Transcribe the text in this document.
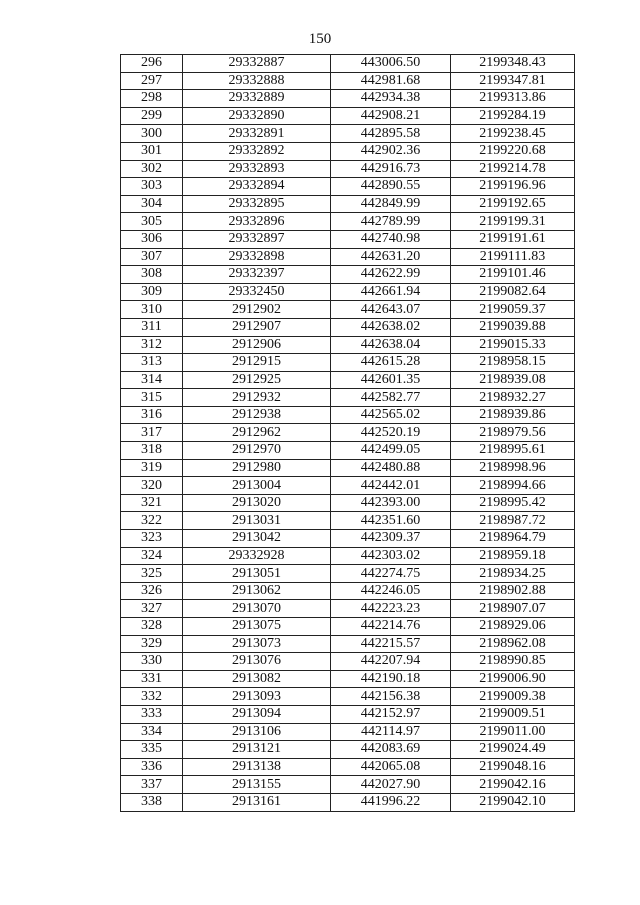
150
296	29332887	443006.50	2199348.43
297	29332888	442981.68	2199347.81
298	29332889	442934.38	2199313.86
299	29332890	442908.21	2199284.19
300	29332891	442895.58	2199238.45
301	29332892	442902.36	2199220.68
302	29332893	442916.73	2199214.78
303	29332894	442890.55	2199196.96
304	29332895	442849.99	2199192.65
305	29332896	442789.99	2199199.31
306	29332897	442740.98	2199191.61
307	29332898	442631.20	2199111.83
308	29332397	442622.99	2199101.46
309	29332450	442661.94	2199082.64
310	2912902	442643.07	2199059.37
311	2912907	442638.02	2199039.88
312	2912906	442638.04	2199015.33
313	2912915	442615.28	2198958.15
314	2912925	442601.35	2198939.08
315	2912932	442582.77	2198932.27
316	2912938	442565.02	2198939.86
317	2912962	442520.19	2198979.56
318	2912970	442499.05	2198995.61
319	2912980	442480.88	2198998.96
320	2913004	442442.01	2198994.66
321	2913020	442393.00	2198995.42
322	2913031	442351.60	2198987.72
323	2913042	442309.37	2198964.79
324	29332928	442303.02	2198959.18
325	2913051	442274.75	2198934.25
326	2913062	442246.05	2198902.88
327	2913070	442223.23	2198907.07
328	2913075	442214.76	2198929.06
329	2913073	442215.57	2198962.08
330	2913076	442207.94	2198990.85
331	2913082	442190.18	2199006.90
332	2913093	442156.38	2199009.38
333	2913094	442152.97	2199009.51
334	2913106	442114.97	2199011.00
335	2913121	442083.69	2199024.49
336	2913138	442065.08	2199048.16
337	2913155	442027.90	2199042.16
338	2913161	441996.22	2199042.10
